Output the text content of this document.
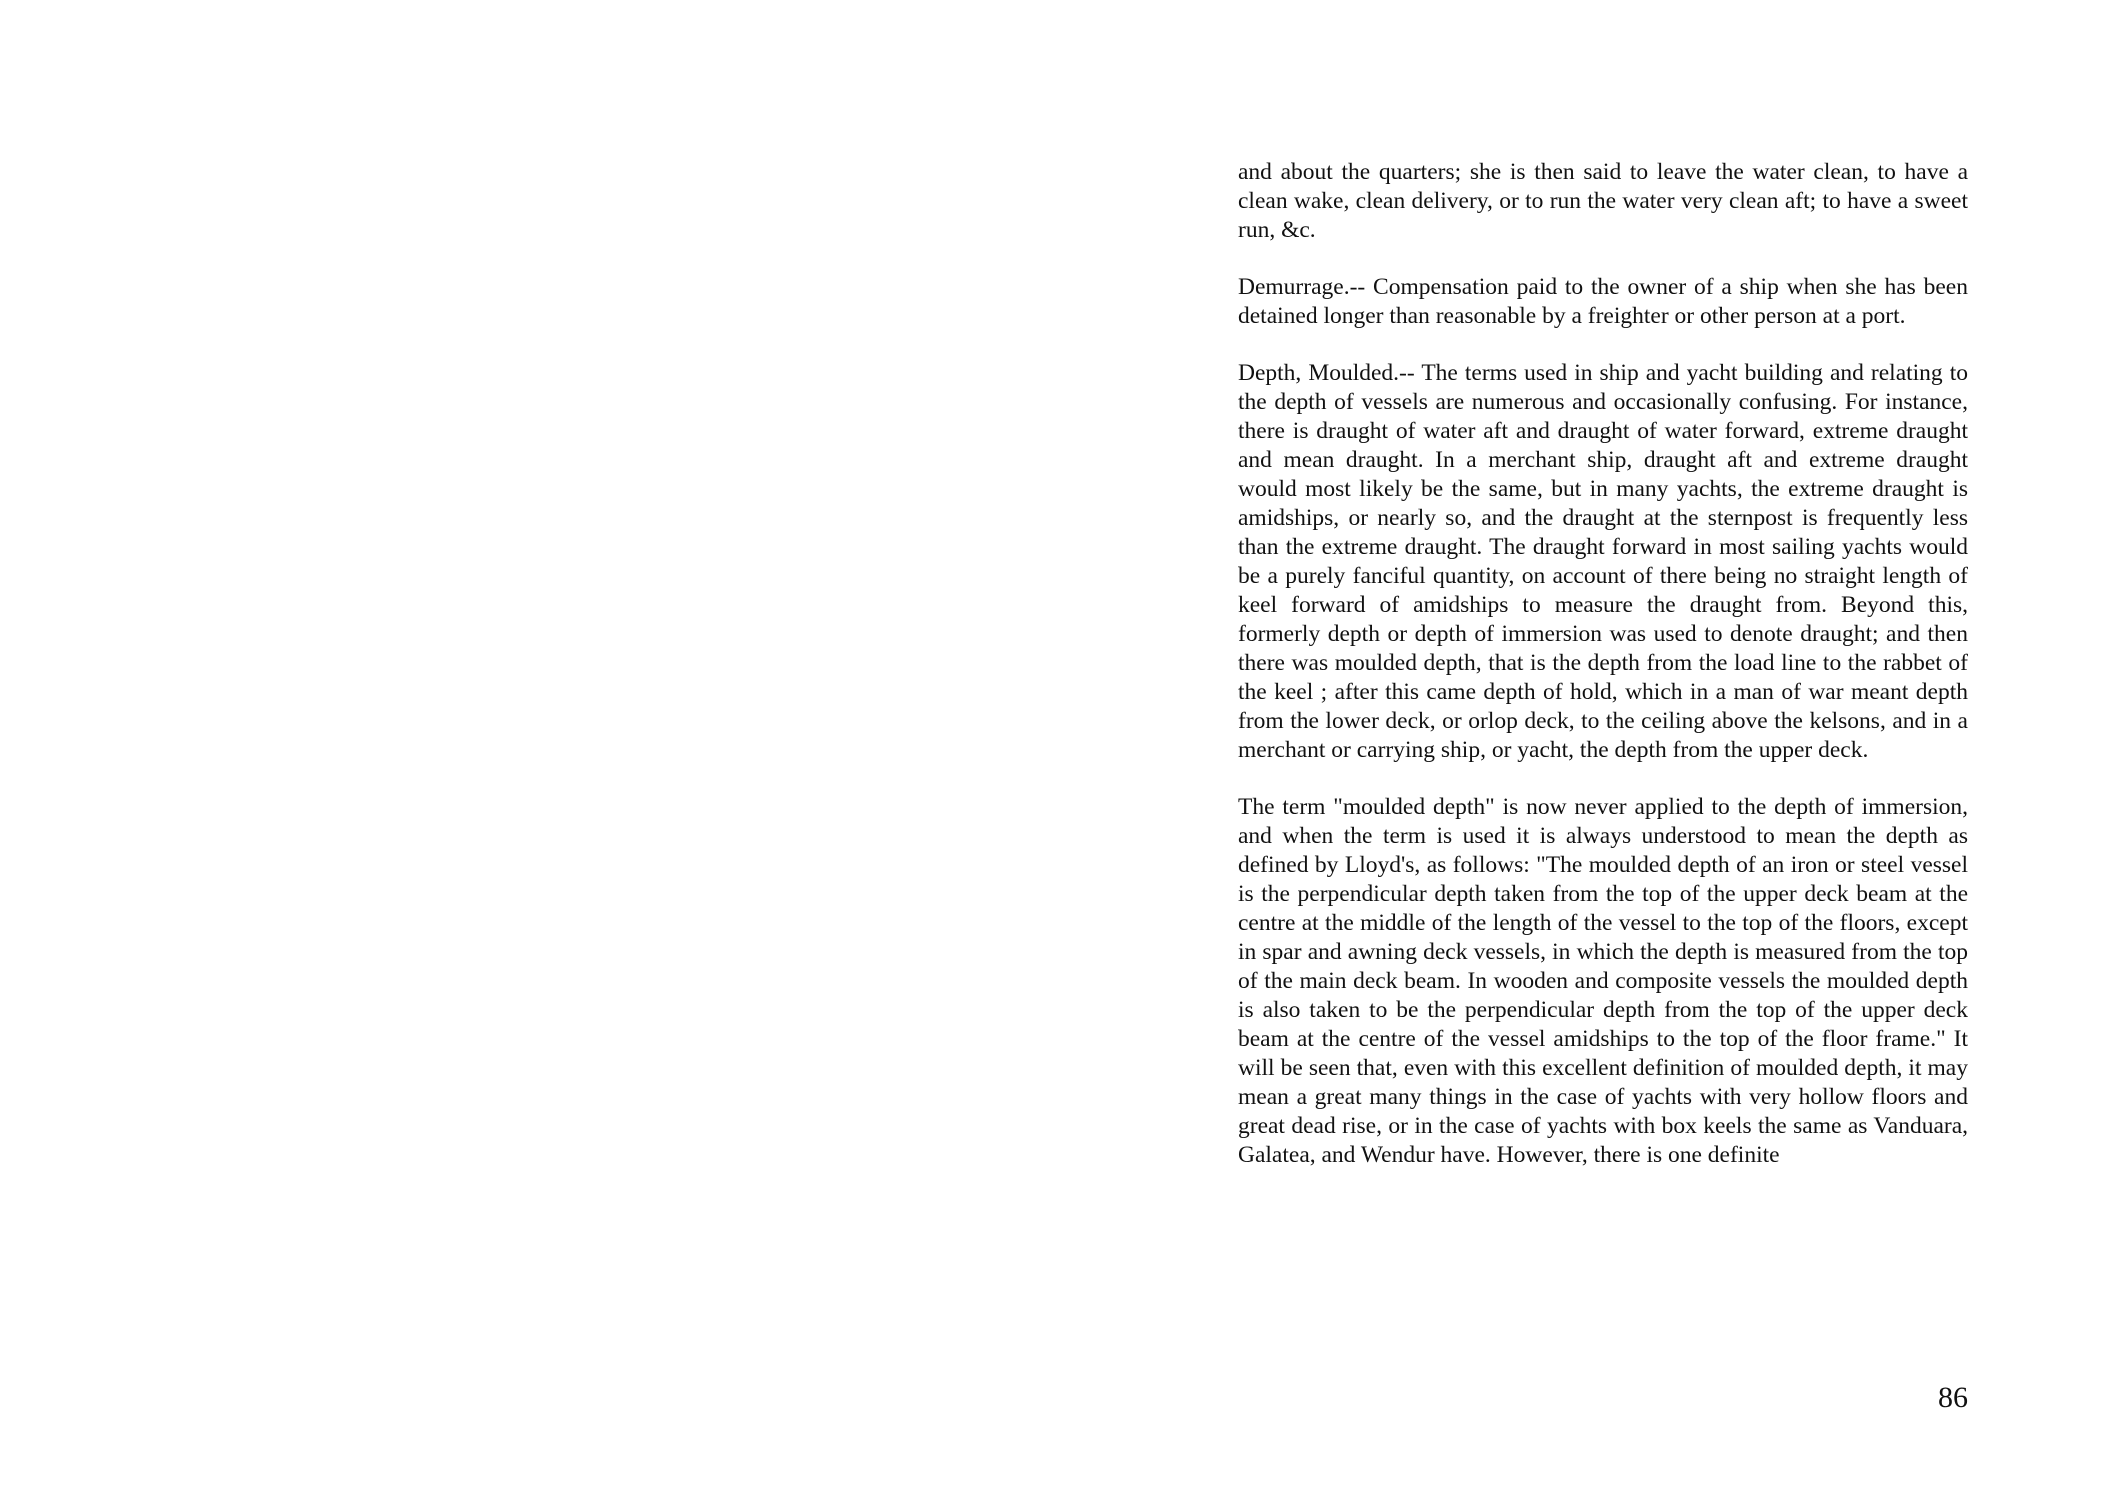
and about the quarters; she is then said to leave the water clean, to have a clean wake, clean delivery, or to run the water very clean aft; to have a sweet run, &c.

Demurrage.-- Compensation paid to the owner of a ship when she has been detained longer than reasonable by a freighter or other person at a port.

Depth, Moulded.-- The terms used in ship and yacht building and relating to the depth of vessels are numerous and occasionally confusing. For instance, there is draught of water aft and draught of water forward, extreme draught and mean draught. In a merchant ship, draught aft and extreme draught would most likely be the same, but in many yachts, the extreme draught is amidships, or nearly so, and the draught at the sternpost is frequently less than the extreme draught. The draught forward in most sailing yachts would be a purely fanciful quantity, on account of there being no straight length of keel forward of amidships to measure the draught from. Beyond this, formerly depth or depth of immersion was used to denote draught; and then there was moulded depth, that is the depth from the load line to the rabbet of the keel ; after this came depth of hold, which in a man of war meant depth from the lower deck, or orlop deck, to the ceiling above the kelsons, and in a merchant or carrying ship, or yacht, the depth from the upper deck.

The term "moulded depth" is now never applied to the depth of immersion, and when the term is used it is always understood to mean the depth as defined by Lloyd's, as follows: "The moulded depth of an iron or steel vessel is the perpendicular depth taken from the top of the upper deck beam at the centre at the middle of the length of the vessel to the top of the floors, except in spar and awning deck vessels, in which the depth is measured from the top of the main deck beam. In wooden and composite vessels the moulded depth is also taken to be the perpendicular depth from the top of the upper deck beam at the centre of the vessel amidships to the top of the floor frame." It will be seen that, even with this excellent definition of moulded depth, it may mean a great many things in the case of yachts with very hollow floors and great dead rise, or in the case of yachts with box keels the same as Vanduara, Galatea, and Wendur have. However, there is one definite

86
